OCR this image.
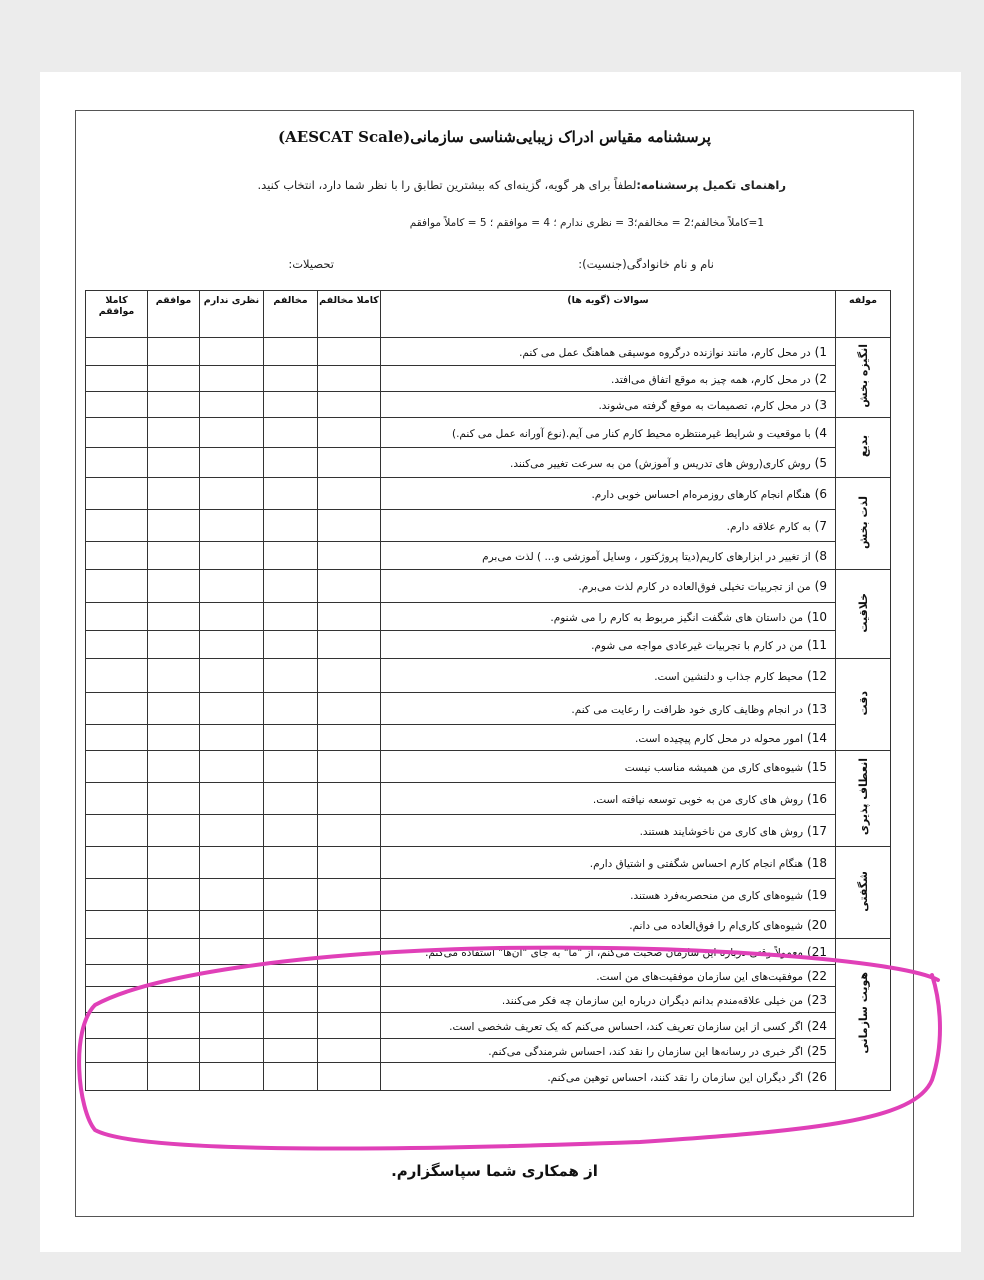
پرسشنامه مقیاس ادراک زیبایی‌شناسی سازمانی(AESCAT Scale)
راهنمای تکمیل پرسشنامه:لطفاً برای هر گویه، گزینه‌ای که بیشترین تطابق را با نظر شما دارد، انتخاب کنید.
1=کاملاً مخالفم؛2 = مخالفم؛3 = نظری ندارم ؛ 4 = موافقم ؛ 5 = کاملاً موافقم
نام و نام خانوادگی(جنسیت):
تحصیلات:
مولفه	سوالات (گویه ها)	کاملا مخالفم	مخالفم	نظری ندارم	موافقم	کاملا موافقم
انگیزه بخش	1)در محل کارم، مانند نوازنده درگروه موسیقی هماهنگ عمل می کنم.					
	2)در محل کارم، همه چیز به موقع اتفاق می‌افتد.					
	3)در محل کارم، تصمیمات به موقع گرفته می‌شوند.					
بدیع	4)با موقعیت و شرایط غیرمنتظره محیط کارم کنار می آیم.(نوع آورانه عمل می کنم.)					
	5)روش کاری(روش های تدریس و آموزش) من به سرعت تغییر می‌کنند.					
لذت بخش	6)هنگام انجام کارهای روزمره‌ام احساس خوبی دارم.					
	7)به کارم علاقه دارم.					
	8)از تغییر در ابزارهای کاریم(دیتا پروژکتور ، وسایل آموزشی و... ) لذت می‌برم					
خلاقیت	9)من از تجربیات تخیلی فوق‌العاده در کارم لذت می‌برم.					
	10)من داستان های شگفت انگیز مربوط به کارم را می شنوم.					
	11)من در کارم با تجربیات غیرعادی مواجه می شوم.					
دقت	12)محیط کارم جذاب و دلنشین است.					
	13)در انجام وظایف کاری خود ظرافت را رعایت می کنم.					
	14)امور محوله در محل کارم پیچیده است.					
انعطاف پذیری	15)شیوه‌های کاری من همیشه مناسب نیست					
	16)روش های کاری من به خوبی توسعه نیافته است.					
	17)روش های کاری من ناخوشایند هستند.					
شگفتی	18)هنگام انجام کارم احساس شگفتی و اشتیاق دارم.					
	19)شیوه‌های کاری من منحصربه‌فرد هستند.					
	20)شیوه‌های کاری‌ام را فوق‌العاده می دانم.					
هویت سازمانی	21)معمولاً وقتی درباره این سازمان صحبت می‌کنم، از "ما" به جای "آن‌ها" استفاده می‌کنم.					
	22)موفقیت‌های این سازمان موفقیت‌های من است.					
	23)من خیلی علاقه‌مندم بدانم دیگران درباره این سازمان چه فکر می‌کنند.					
	24)اگر کسی از این سازمان تعریف کند، احساس می‌کنم که یک تعریف شخصی است.					
	25)اگر خبری در رسانه‌ها این سازمان را نقد کند، احساس شرمندگی می‌کنم.					
	26)اگر دیگران این سازمان را نقد کنند، احساس توهین می‌کنم.					
از همکاری شما سپاسگزارم.
